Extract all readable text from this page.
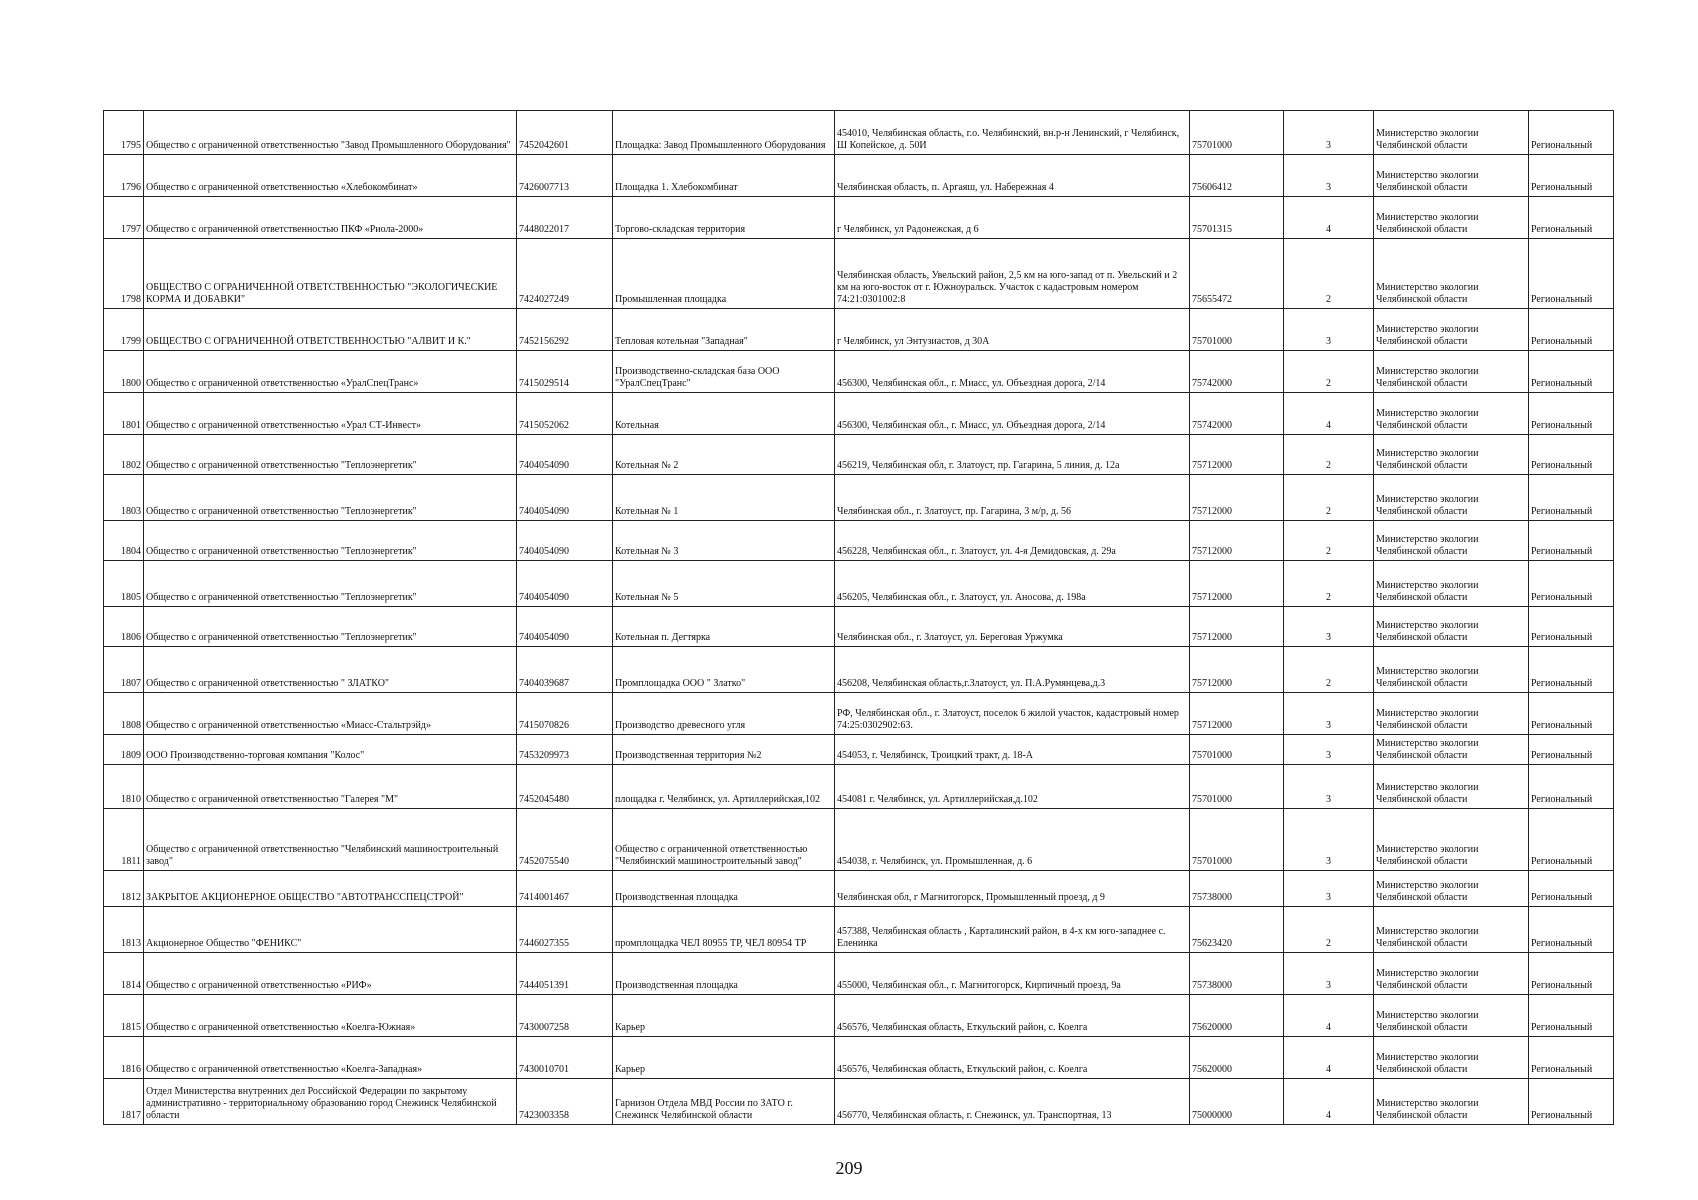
1795	Общество с ограниченной ответственностью "Завод Промышленного Оборудования"	7452042601	Площадка: Завод Промышленного Оборудования	454010, Челябинская область, г.о. Челябинский, вн.р-н Ленинский, г Челябинск, Ш Копейское, д. 50И	75701000	3	Министерство экологии Челябинской области	Региональный
1796	Общество с ограниченной ответственностью «Хлебокомбинат»	7426007713	Площадка 1. Хлебокомбинат	Челябинская область, п. Аргаяш, ул. Набережная 4	75606412	3	Министерство экологии Челябинской области	Региональный
1797	Общество с ограниченной ответственностью ПКФ «Риола-2000»	7448022017	Торгово-складская территория	г Челябинск, ул Радонежская, д 6	75701315	4	Министерство экологии Челябинской области	Региональный
1798	ОБЩЕСТВО С ОГРАНИЧЕННОЙ ОТВЕТСТВЕННОСТЬЮ "ЭКОЛОГИЧЕСКИЕ КОРМА И ДОБАВКИ"	7424027249	Промышленная площадка	Челябинская область, Увельский район, 2,5 км на юго-запад от п. Увельский и 2 км на юго-восток от г. Южноуральск. Участок с кадастровым номером 74:21:0301002:8	75655472	2	Министерство экологии Челябинской области	Региональный
1799	ОБЩЕСТВО С ОГРАНИЧЕННОЙ ОТВЕТСТВЕННОСТЬЮ "АЛВИТ И К."	7452156292	Тепловая котельная "Западная"	г Челябинск, ул Энтузиастов, д 30А	75701000	3	Министерство экологии Челябинской области	Региональный
1800	Общество с ограниченной ответственностью «УралСпецТранс»	7415029514	Производственно-складская база ООО "УралСпецТранс"	456300, Челябинская обл., г. Миасс, ул. Объездная дорога, 2/14	75742000	2	Министерство экологии Челябинской области	Региональный
1801	Общество с ограниченной ответственностью «Урал СТ-Инвест»	7415052062	Котельная	456300, Челябинская обл., г. Миасс, ул. Объездная дорога, 2/14	75742000	4	Министерство экологии Челябинской области	Региональный
1802	Общество с ограниченной ответственностью "Теплоэнергетик"	7404054090	Котельная № 2	456219, Челябинская обл, г. Златоуст, пр. Гагарина, 5 линия, д. 12а	75712000	2	Министерство экологии Челябинской области	Региональный
1803	Общество с ограниченной ответственностью "Теплоэнергетик"	7404054090	Котельная № 1	Челябинская обл., г. Златоуст, пр. Гагарина, 3 м/р, д. 56	75712000	2	Министерство экологии Челябинской области	Региональный
1804	Общество с ограниченной ответственностью "Теплоэнергетик"	7404054090	Котельная № 3	456228, Челябинская обл., г. Златоуст, ул. 4-я Демидовская, д. 29а	75712000	2	Министерство экологии Челябинской области	Региональный
1805	Общество с ограниченной ответственностью "Теплоэнергетик"	7404054090	Котельная № 5	456205, Челябинская обл., г. Златоуст, ул. Аносова, д. 198а	75712000	2	Министерство экологии Челябинской области	Региональный
1806	Общество с ограниченной ответственностью "Теплоэнергетик"	7404054090	Котельная п. Дегтярка	Челябинская обл., г. Златоуст, ул. Береговая Уржумка	75712000	3	Министерство экологии Челябинской области	Региональный
1807	Общество с ограниченной ответственностью " ЗЛАТКО"	7404039687	Промплощадка ООО " Златко"	456208, Челябинская область,г.Златоуст, ул. П.А.Румянцева,д.3	75712000	2	Министерство экологии Челябинской области	Региональный
1808	Общество с ограниченной ответственностью «Миасс-Стальтрэйд»	7415070826	Производство древесного угля	РФ, Челябинская обл., г. Златоуст, поселок 6 жилой участок, кадастровый номер 74:25:0302902:63.	75712000	3	Министерство экологии Челябинской области	Региональный
1809	ООО Производственно-торговая компания "Колос"	7453209973	Производственная территория №2	454053, г. Челябинск, Троицкий тракт, д. 18-А	75701000	3	Министерство экологии Челябинской области	Региональный
1810	Общество с ограниченной ответственностью "Галерея "М"	7452045480	площадка г. Челябинск, ул. Артиллерийская,102	454081 г. Челябинск, ул. Артиллерийская,д.102	75701000	3	Министерство экологии Челябинской области	Региональный
1811	Общество с ограниченной ответственностью "Челябинский машиностроительный завод"	7452075540	Общество с ограниченной ответственностью "Челябинский машиностроительный завод"	454038, г. Челябинск, ул. Промышленная, д. 6	75701000	3	Министерство экологии Челябинской области	Региональный
1812	ЗАКРЫТОЕ АКЦИОНЕРНОЕ ОБЩЕСТВО "АВТОТРАНССПЕЦСТРОЙ"	7414001467	Производственная площадка	Челябинская обл, г Магнитогорск, Промышленный проезд, д 9	75738000	3	Министерство экологии Челябинской области	Региональный
1813	Акционерное Общество "ФЕНИКС"	7446027355	промплощадка ЧЕЛ 80955 ТР, ЧЕЛ 80954 ТР	457388, Челябинская область , Карталинский район, в 4-х км юго-западнее с. Еленинка	75623420	2	Министерство экологии Челябинской области	Региональный
1814	Общество с ограниченной ответственностью «РИФ»	7444051391	Производственная площадка	455000, Челябинская обл., г. Магнитогорск, Кирпичный проезд, 9а	75738000	3	Министерство экологии Челябинской области	Региональный
1815	Общество с ограниченной ответственностью «Коелга-Южная»	7430007258	Карьер	456576, Челябинская область, Еткульский район, с. Коелга	75620000	4	Министерство экологии Челябинской области	Региональный
1816	Общество с ограниченной ответственностью «Коелга-Западная»	7430010701	Карьер	456576, Челябинская область, Еткульский район, с. Коелга	75620000	4	Министерство экологии Челябинской области	Региональный
1817	Отдел Министерства внутренних дел Российской Федерации по закрытому административно - территориальному образованию город Снежинск Челябинской области	7423003358	Гарнизон Отдела МВД России по ЗАТО г. Снежинск Челябинской области	456770, Челябинская область, г. Снежинск, ул. Транспортная, 13	75000000	4	Министерство экологии Челябинской области	Региональный
209
